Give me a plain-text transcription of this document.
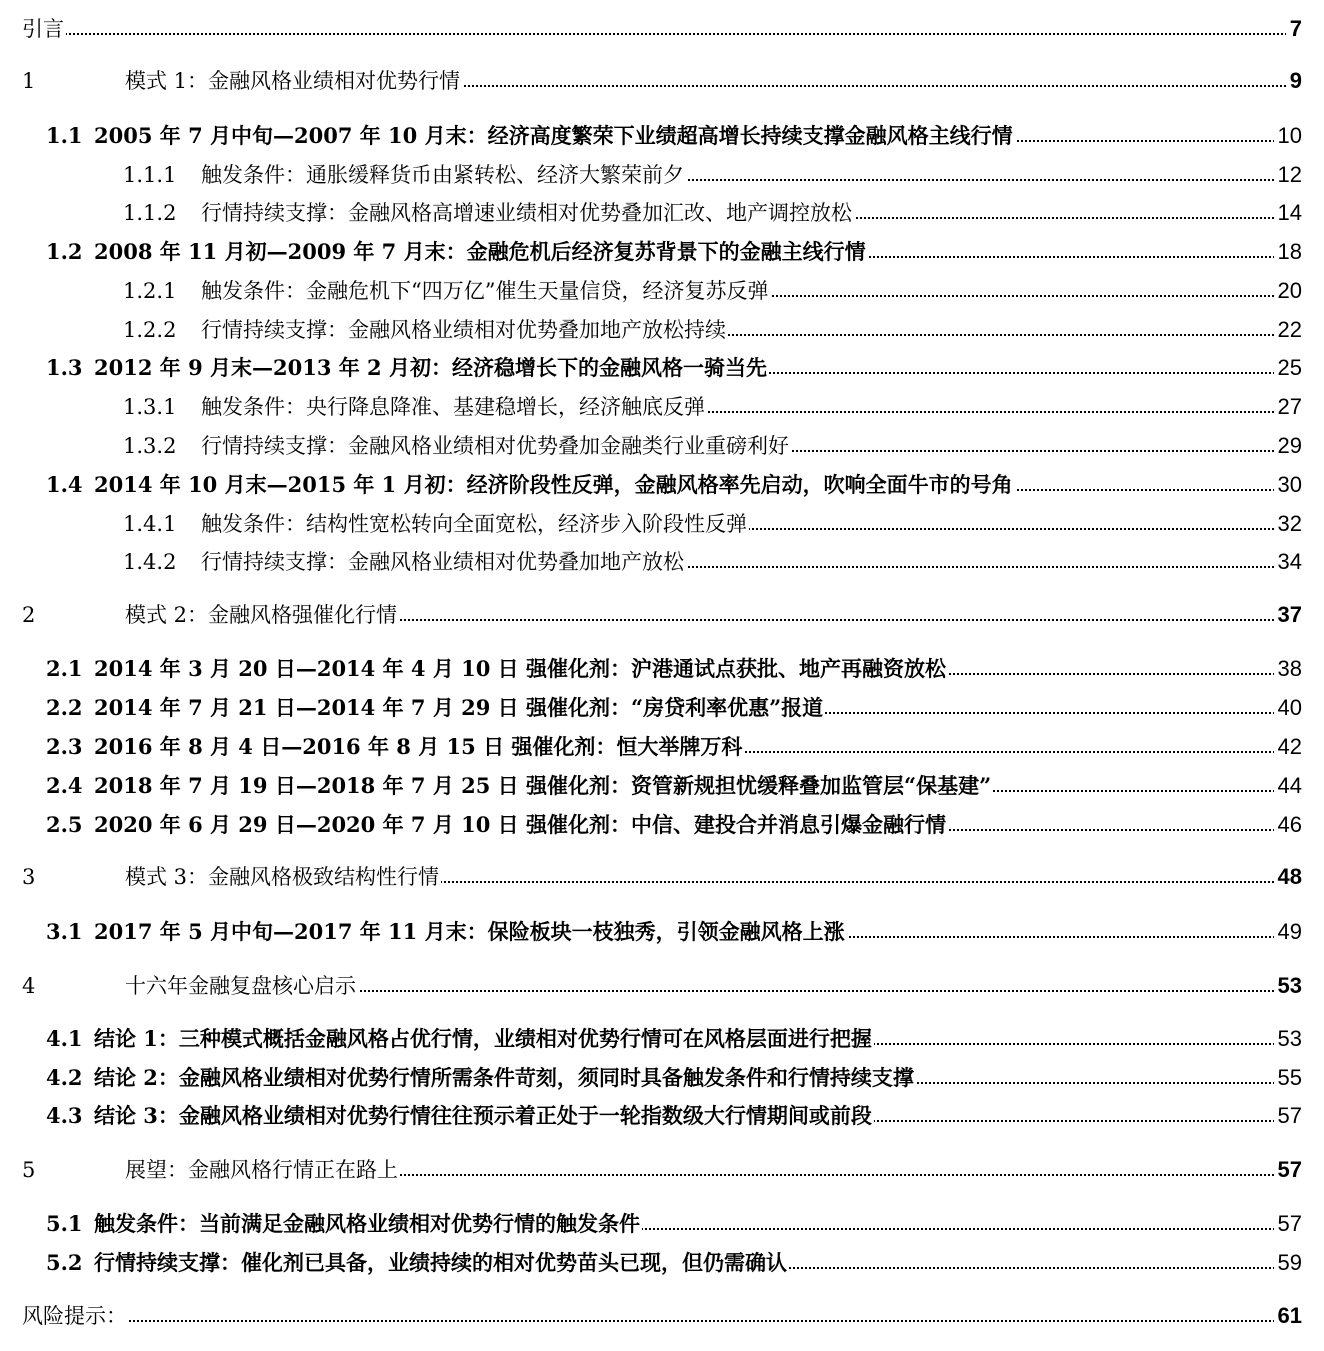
引言	7
1	模式 1：金融风格业绩相对优势行情	9
1.1 2005 年 7 月中旬—2007 年 10 月末：经济高度繁荣下业绩超高增长持续支撑金融风格主线行情	10
1.1.1 触发条件：通胀缓释货币由紧转松、经济大繁荣前夕	12
1.1.2 行情持续支撑：金融风格高增速业绩相对优势叠加汇改、地产调控放松	14
1.2 2008 年 11 月初—2009 年 7 月末：金融危机后经济复苏背景下的金融主线行情	18
1.2.1 触发条件：金融危机下“四万亿”催生天量信贷，经济复苏反弹	20
1.2.2 行情持续支撑：金融风格业绩相对优势叠加地产放松持续	22
1.3 2012 年 9 月末—2013 年 2 月初：经济稳增长下的金融风格一骑当先	25
1.3.1 触发条件：央行降息降准、基建稳增长，经济触底反弹	27
1.3.2 行情持续支撑：金融风格业绩相对优势叠加金融类行业重磅利好	29
1.4 2014 年 10 月末—2015 年 1 月初：经济阶段性反弹，金融风格率先启动，吹响全面牛市的号角	30
1.4.1 触发条件：结构性宽松转向全面宽松，经济步入阶段性反弹	32
1.4.2 行情持续支撑：金融风格业绩相对优势叠加地产放松	34
2	模式 2：金融风格强催化行情	37
2.1 2014 年 3 月 20 日—2014 年 4 月 10 日 强催化剂：沪港通试点获批、地产再融资放松	38
2.2 2014 年 7 月 21 日—2014 年 7 月 29 日 强催化剂：“房贷利率优惠”报道	40
2.3 2016 年 8 月 4 日—2016 年 8 月 15 日 强催化剂：恒大举牌万科	42
2.4 2018 年 7 月 19 日—2018 年 7 月 25 日 强催化剂：资管新规担忧缓释叠加监管层“保基建”	44
2.5 2020 年 6 月 29 日—2020 年 7 月 10 日 强催化剂：中信、建投合并消息引爆金融行情	46
3	模式 3：金融风格极致结构性行情	48
3.1 2017 年 5 月中旬—2017 年 11 月末：保险板块一枝独秀，引领金融风格上涨	49
4	十六年金融复盘核心启示	53
4.1 结论 1：三种模式概括金融风格占优行情，业绩相对优势行情可在风格层面进行把握	53
4.2 结论 2：金融风格业绩相对优势行情所需条件苛刻，须同时具备触发条件和行情持续支撑	55
4.3 结论 3：金融风格业绩相对优势行情往往预示着正处于一轮指数级大行情期间或前段	57
5	展望：金融风格行情正在路上	57
5.1 触发条件：当前满足金融风格业绩相对优势行情的触发条件	57
5.2 行情持续支撑：催化剂已具备，业绩持续的相对优势苗头已现，但仍需确认	59
风险提示：	61
